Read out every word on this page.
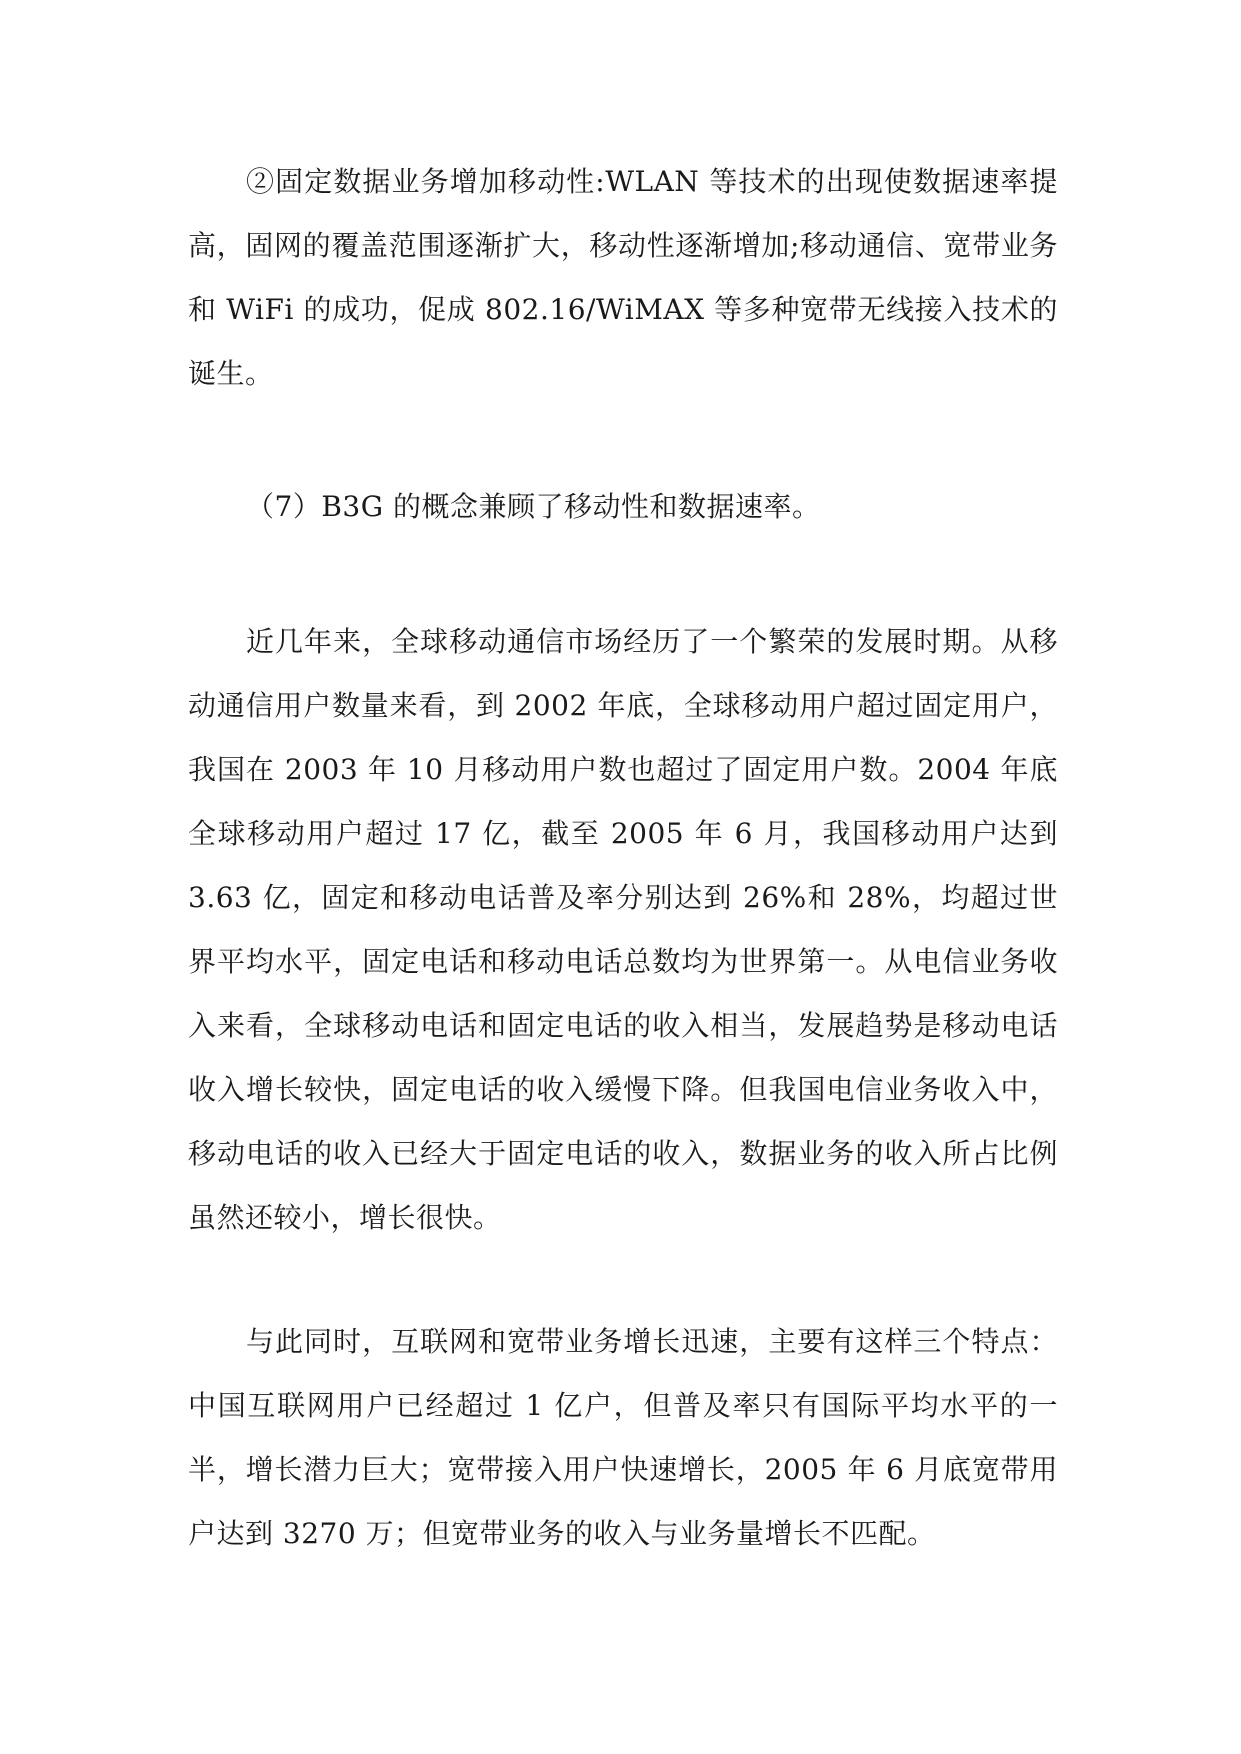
②固定数据业务增加移动性:WLAN 等技术的出现使数据速率提高，固网的覆盖范围逐渐扩大，移动性逐渐增加;移动通信、宽带业务和 WiFi 的成功，促成 802.16/WiMAX 等多种宽带无线接入技术的诞生。

（7）B3G 的概念兼顾了移动性和数据速率。

近几年来，全球移动通信市场经历了一个繁荣的发展时期。从移动通信用户数量来看，到 2002 年底，全球移动用户超过固定用户，我国在 2003 年 10 月移动用户数也超过了固定用户数。2004 年底全球移动用户超过 17 亿，截至 2005 年 6 月，我国移动用户达到 3.63 亿，固定和移动电话普及率分别达到 26%和 28%，均超过世界平均水平，固定电话和移动电话总数均为世界第一。从电信业务收入来看，全球移动电话和固定电话的收入相当，发展趋势是移动电话收入增长较快，固定电话的收入缓慢下降。但我国电信业务收入中，移动电话的收入已经大于固定电话的收入，数据业务的收入所占比例虽然还较小，增长很快。

与此同时，互联网和宽带业务增长迅速，主要有这样三个特点：中国互联网用户已经超过 1 亿户，但普及率只有国际平均水平的一半，增长潜力巨大；宽带接入用户快速增长，2005 年 6 月底宽带用户达到 3270 万；但宽带业务的收入与业务量增长不匹配。
